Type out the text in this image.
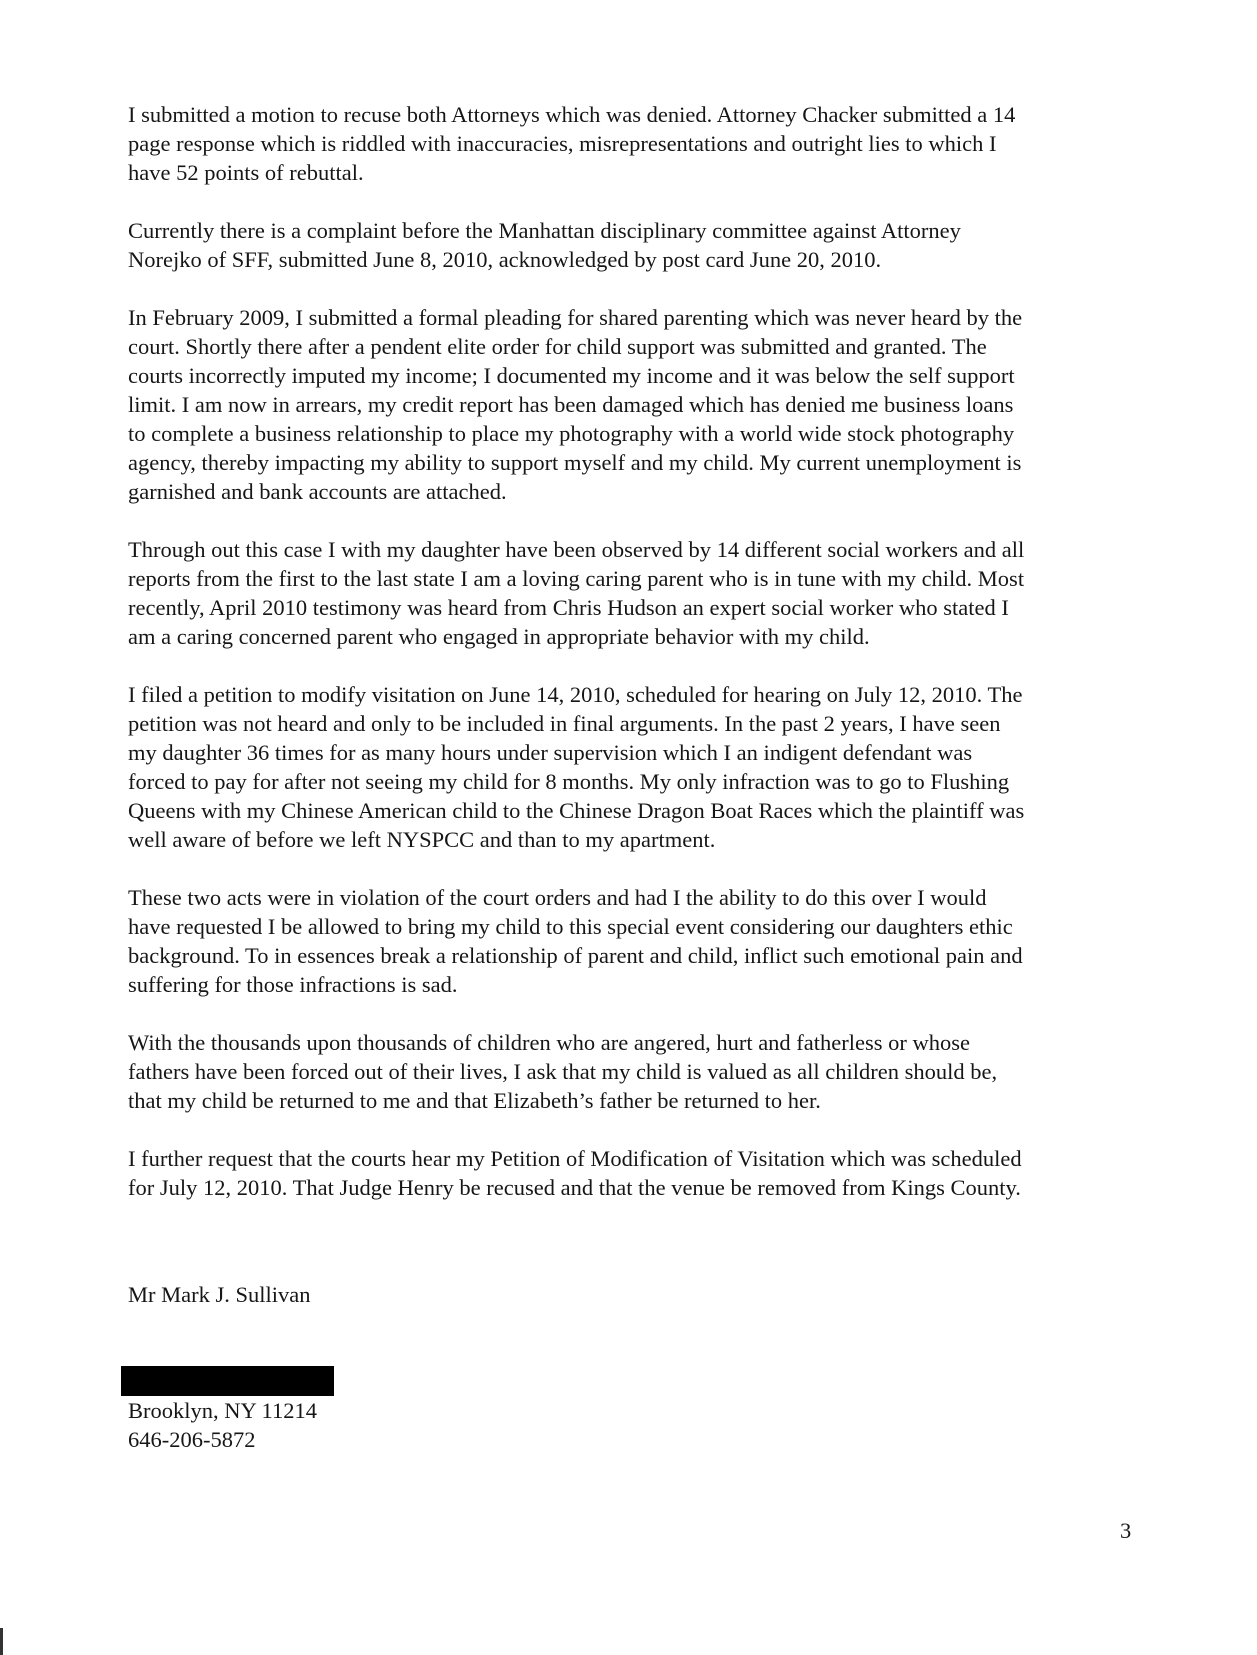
I submitted a motion to recuse both Attorneys which was denied. Attorney Chacker submitted a 14
page response which is riddled with inaccuracies, misrepresentations and outright lies to which I
have 52 points of rebuttal.

Currently there is a complaint before the Manhattan disciplinary committee against Attorney
Norejko of SFF, submitted June 8, 2010, acknowledged by post card June 20, 2010.

In February 2009, I submitted a formal pleading for shared parenting which was never heard by the
court. Shortly there after a pendent elite order for child support was submitted and granted. The
courts incorrectly imputed my income; I documented my income and it was below the self support
limit. I am now in arrears, my credit report has been damaged which has denied me business loans
to complete a business relationship to place my photography with a world wide stock photography
agency, thereby impacting my ability to support myself and my child. My current unemployment is
garnished and bank accounts are attached.

Through out this case I with my daughter have been observed by 14 different social workers and all
reports from the first to the last state I am a loving caring parent who is in tune with my child. Most
recently, April 2010 testimony was heard from Chris Hudson an expert social worker who stated I
am a caring concerned parent who engaged in appropriate behavior with my child.

I filed a petition to modify visitation on June 14, 2010, scheduled for hearing on July 12, 2010. The
petition was not heard and only to be included in final arguments. In the past 2 years, I have seen
my daughter 36 times for as many hours under supervision which I an indigent defendant was
forced to pay for after not seeing my child for 8 months. My only infraction was to go to Flushing
Queens with my Chinese American child to the Chinese Dragon Boat Races which the plaintiff was
well aware of before we left NYSPCC and than to my apartment.

These two acts were in violation of the court orders and had I the ability to do this over I would
have requested I be allowed to bring my child to this special event considering our daughters ethic
background. To in essences break a relationship of parent and child, inflict such emotional pain and
suffering for those infractions is sad.

With the thousands upon thousands of children who are angered, hurt and fatherless or whose
fathers have been forced out of their lives, I ask that my child is valued as all children should be,
that my child be returned to me and that Elizabeth’s father be returned to her.

I further request that the courts hear my Petition of Modification of Visitation which was scheduled
for July 12, 2010. That Judge Henry be recused and that the venue be removed from Kings County.

Mr Mark J. Sullivan
Brooklyn, NY 11214
646-206-5872
3
